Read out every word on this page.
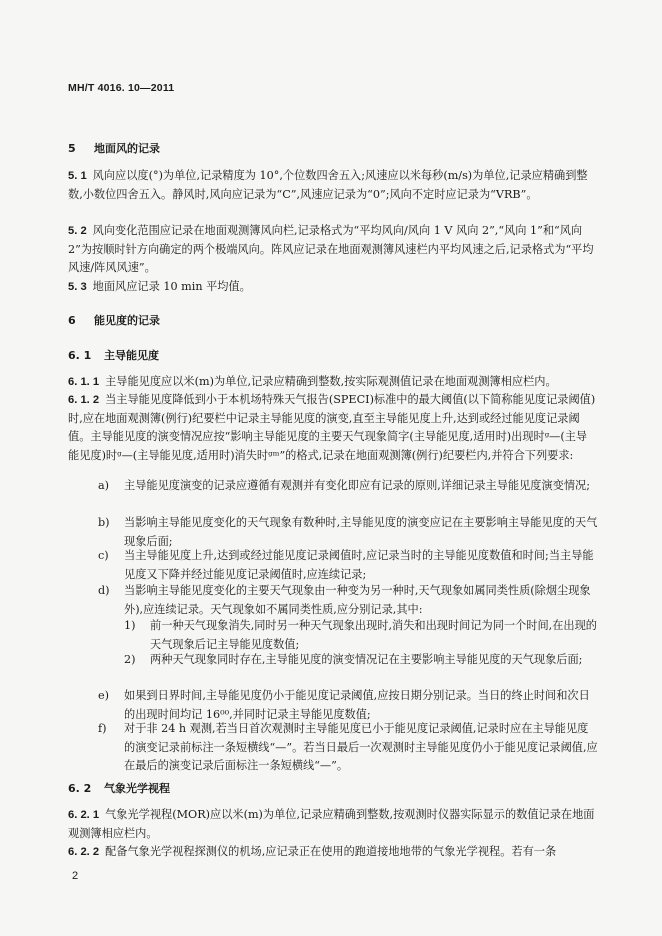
MH/T 4016. 10—2011
5 地面风的记录
5. 1 风向应以度(°)为单位,记录精度为 10°,个位数四舍五入;风速应以米每秒(m/s)为单位,记录应精确到整数,小数位四舍五入。静风时,风向应记录为“C”,风速应记录为“0”;风向不定时应记录为“VRB”。
5. 2 风向变化范围应记录在地面观测簿风向栏,记录格式为“平均风向/风向 1 V 风向 2”,“风向 1”和“风向 2”为按顺时针方向确定的两个极端风向。阵风应记录在地面观测簿风速栏内平均风速之后,记录格式为“平均风速/阵风风速”。
5. 3 地面风应记录 10 min 平均值。
6 能见度的记录
6. 1 主导能见度
6. 1. 1 主导能见度应以米(m)为单位,记录应精确到整数,按实际观测值记录在地面观测簿相应栏内。
6. 1. 2 当主导能见度降低到小于本机场特殊天气报告(SPECI)标准中的最大阈值(以下简称能见度记录阈值)时,应在地面观测簿(例行)纪要栏中记录主导能见度的演变,直至主导能见度上升,达到或经过能见度记录阈值。主导能见度的演变情况应按“影响主导能见度的主要天气现象简字(主导能见度,适用时)出现时ᵍ—(主导能见度)时ᵍ—(主导能见度,适用时)消失时ᵍᵐ”的格式,记录在地面观测簿(例行)纪要栏内,并符合下列要求:
a)	主导能见度演变的记录应遵循有观测并有变化即应有记录的原则,详细记录主导能见度演变情况;
b)	当影响主导能见度变化的天气现象有数种时,主导能见度的演变应记在主要影响主导能见度的天气现象后面;
c)	当主导能见度上升,达到或经过能见度记录阈值时,应记录当时的主导能见度数值和时间;当主导能见度又下降并经过能见度记录阈值时,应连续记录;
d)	当影响主导能见度变化的主要天气现象由一种变为另一种时,天气现象如属同类性质(除烟尘现象外),应连续记录。天气现象如不属同类性质,应分别记录,其中:
1)	前一种天气现象消失,同时另一种天气现象出现时,消失和出现时间记为同一个时间,在出现的天气现象后记主导能见度数值;
2)	两种天气现象同时存在,主导能见度的演变情况记在主要影响主导能见度的天气现象后面;
e)	如果到日界时间,主导能见度仍小于能见度记录阈值,应按日期分别记录。当日的终止时间和次日的出现时间均记 16⁰⁰,并同时记录主导能见度数值;
f)	对于非 24 h 观测,若当日首次观测时主导能见度已小于能见度记录阈值,记录时应在主导能见度的演变记录前标注一条短横线“—”。若当日最后一次观测时主导能见度仍小于能见度记录阈值,应在最后的演变记录后面标注一条短横线“—”。
6. 2 气象光学视程
6. 2. 1 气象光学视程(MOR)应以米(m)为单位,记录应精确到整数,按观测时仪器实际显示的数值记录在地面观测簿相应栏内。
6. 2. 2 配备气象光学视程探测仪的机场,应记录正在使用的跑道接地地带的气象光学视程。若有一条
2
